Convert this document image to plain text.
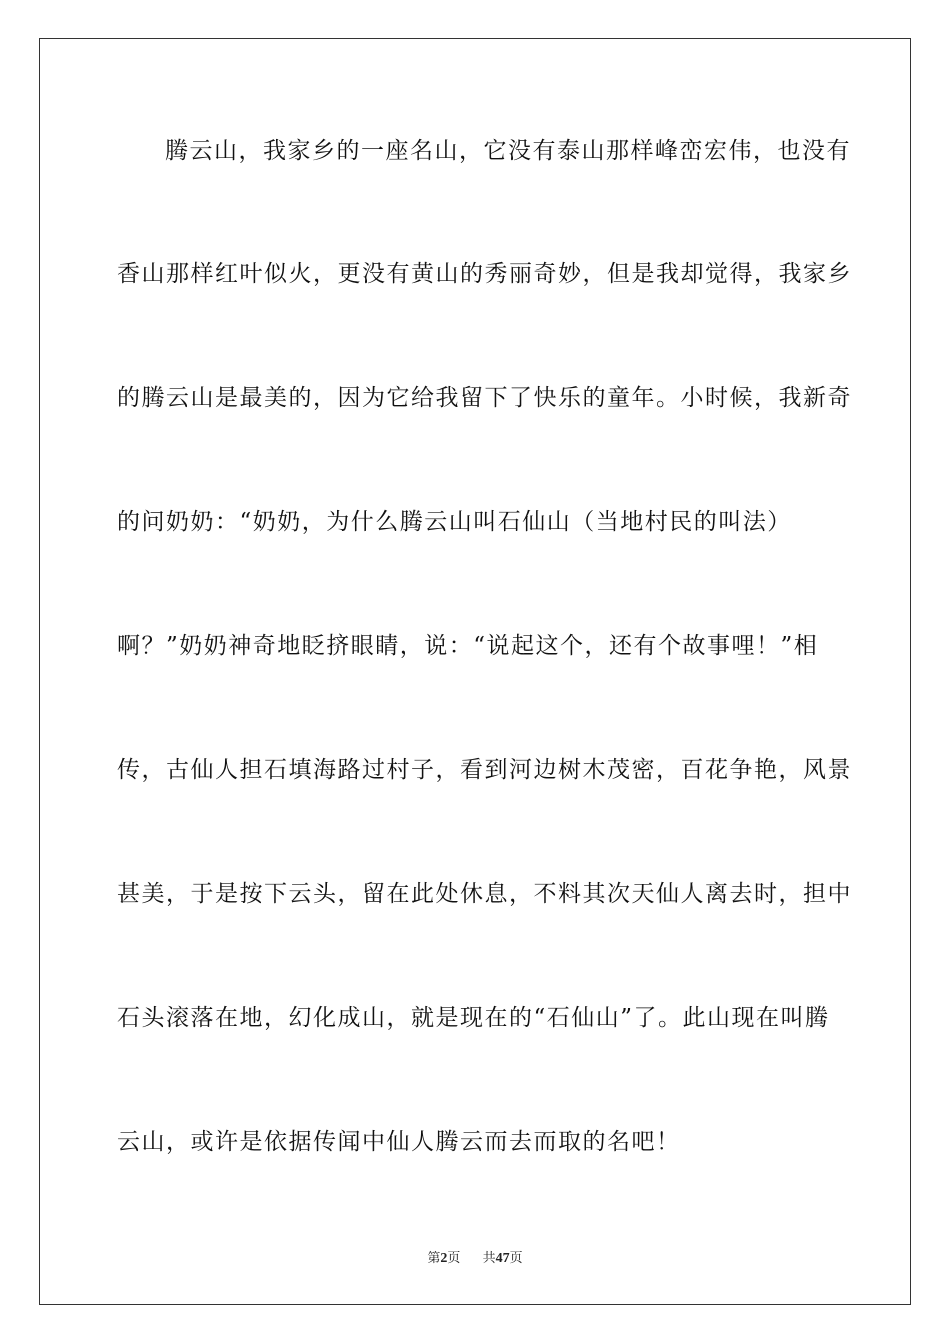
腾云山，我家乡的一座名山，它没有泰山那样峰峦宏伟，也没有
香山那样红叶似火，更没有黄山的秀丽奇妙，但是我却觉得，我家乡
的腾云山是最美的，因为它给我留下了快乐的童年。小时候，我新奇
的问奶奶：“奶奶，为什么腾云山叫石仙山（当地村民的叫法）
啊？”奶奶神奇地眨挤眼睛，说：“说起这个，还有个故事哩！”相
传，古仙人担石填海路过村子，看到河边树木茂密，百花争艳，风景
甚美，于是按下云头，留在此处休息，不料其次天仙人离去时，担中
石头滚落在地，幻化成山，就是现在的“石仙山”了。此山现在叫腾
云山，或许是依据传闻中仙人腾云而去而取的名吧！
第2页 共47页
